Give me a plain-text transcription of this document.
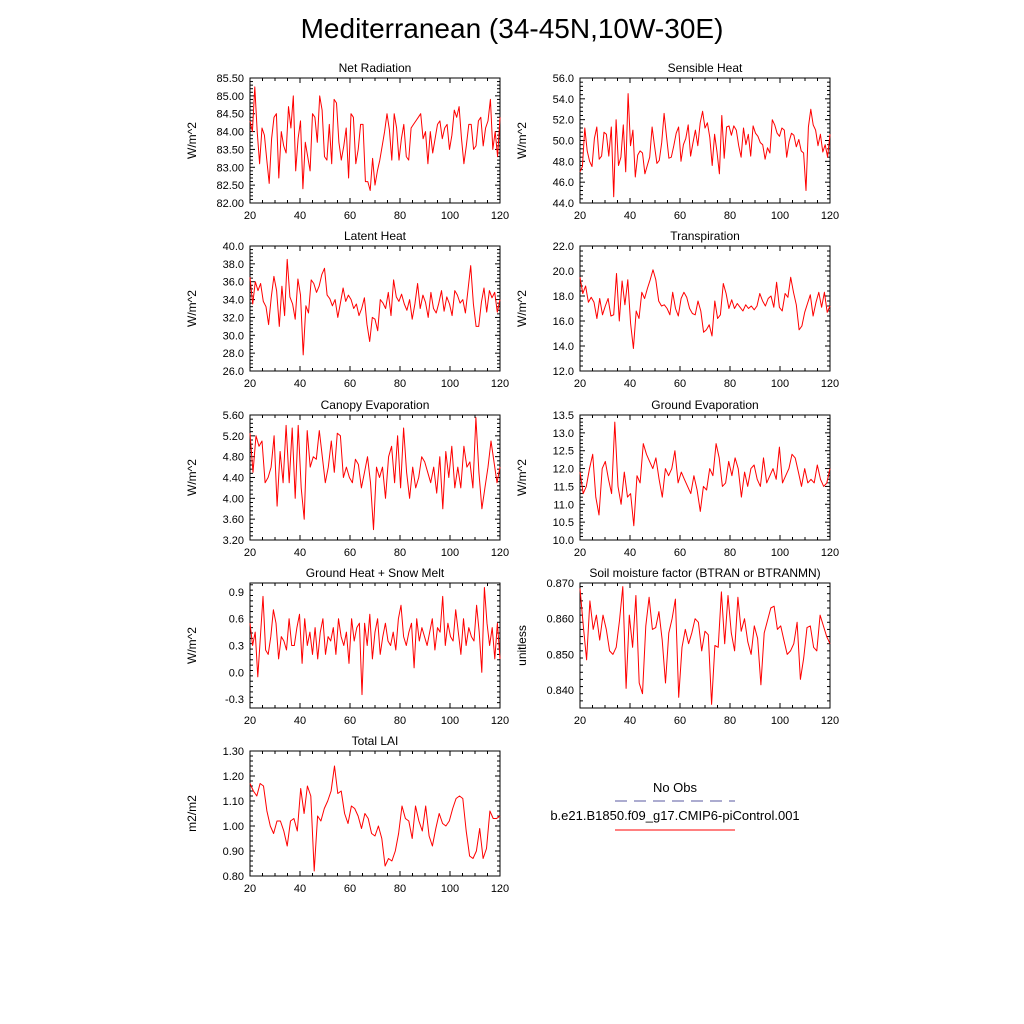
Mediterranean (34-45N,10W-30E)
Net Radiation
W/m^2
20	40	60	80	100	120
82.00
82.50
83.00
83.50
84.00
84.50
85.00
85.50
Sensible Heat
W/m^2
20	40	60	80	100	120
44.0
46.0
48.0
50.0
52.0
54.0
56.0
Latent Heat
W/m^2
20	40	60	80	100	120
26.0
28.0
30.0
32.0
34.0
36.0
38.0
40.0
Transpiration
W/m^2
20	40	60	80	100	120
12.0
14.0
16.0
18.0
20.0
22.0
Canopy Evaporation
W/m^2
20	40	60	80	100	120
3.20
3.60
4.00
4.40
4.80
5.20
5.60
Ground Evaporation
W/m^2
20	40	60	80	100	120
10.0
10.5
11.0
11.5
12.0
12.5
13.0
13.5
Ground Heat + Snow Melt
W/m^2
20	40	60	80	100	120
-0.3
0.0
0.3
0.6
0.9
Soil moisture factor (BTRAN or BTRANMN)
unitless
20	40	60	80	100	120
0.840
0.850
0.860
0.870
Total LAI
m2/m2
20	40	60	80	100	120
0.80
0.90
1.00
1.10
1.20
1.30
No Obs
b.e21.B1850.f09_g17.CMIP6-piControl.001
